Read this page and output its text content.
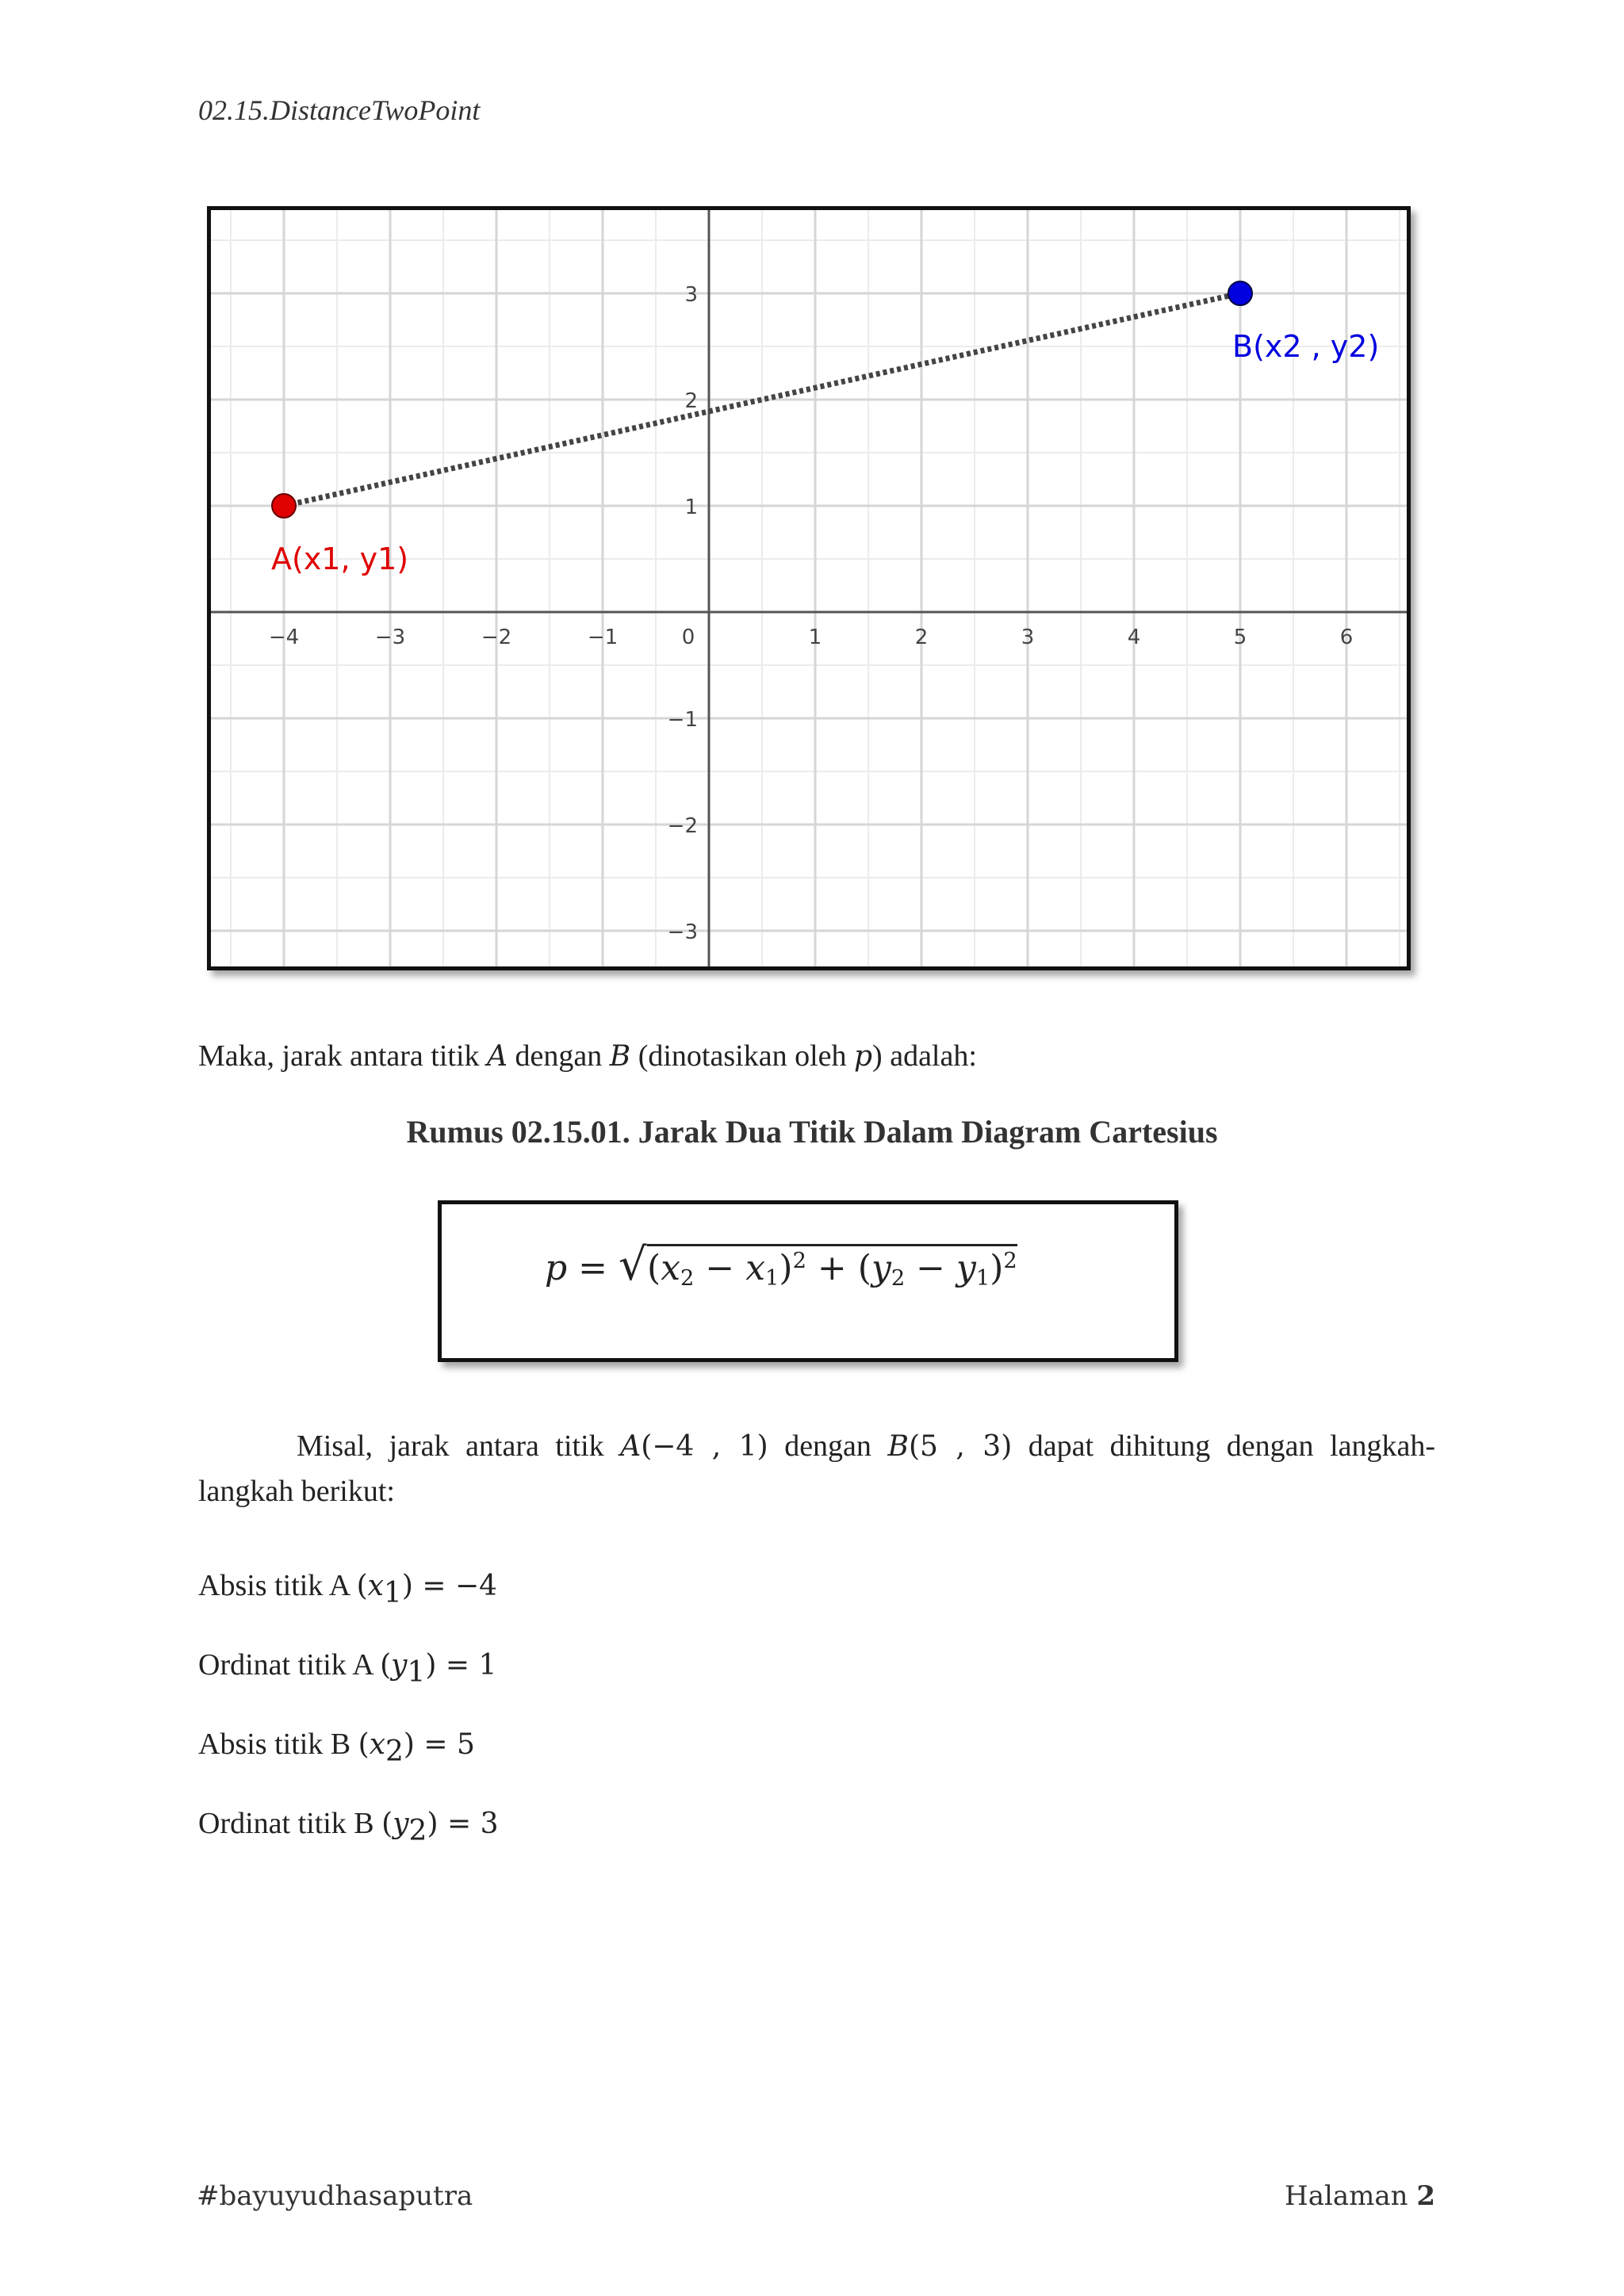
02.15.DistanceTwoPoint
−4	−3	−2	−1	1	2	3	4	5	6
0
3
2
1
−1
−2
−3
A(x1, y1)
B(x2 , y2)
Maka, jarak antara titik A dengan B (dinotasikan oleh p) adalah:
Rumus 02.15.01. Jarak Dua Titik Dalam Diagram Cartesius
p = √ $(x_2 - x_1)^2 + (y_2 - y_1)^2$
Misal, jarak antara titik A(−4 , 1) dengan B(5 , 3) dapat dihitung dengan langkah-
langkah berikut:
Absis titik A $(x_1) = -4$
Ordinat titik A $(y_1) = 1$
Absis titik B $(x_2) = 5$
Ordinat titik B $(y_2) = 3$
#bayuyudhasaputra	Halaman 2
